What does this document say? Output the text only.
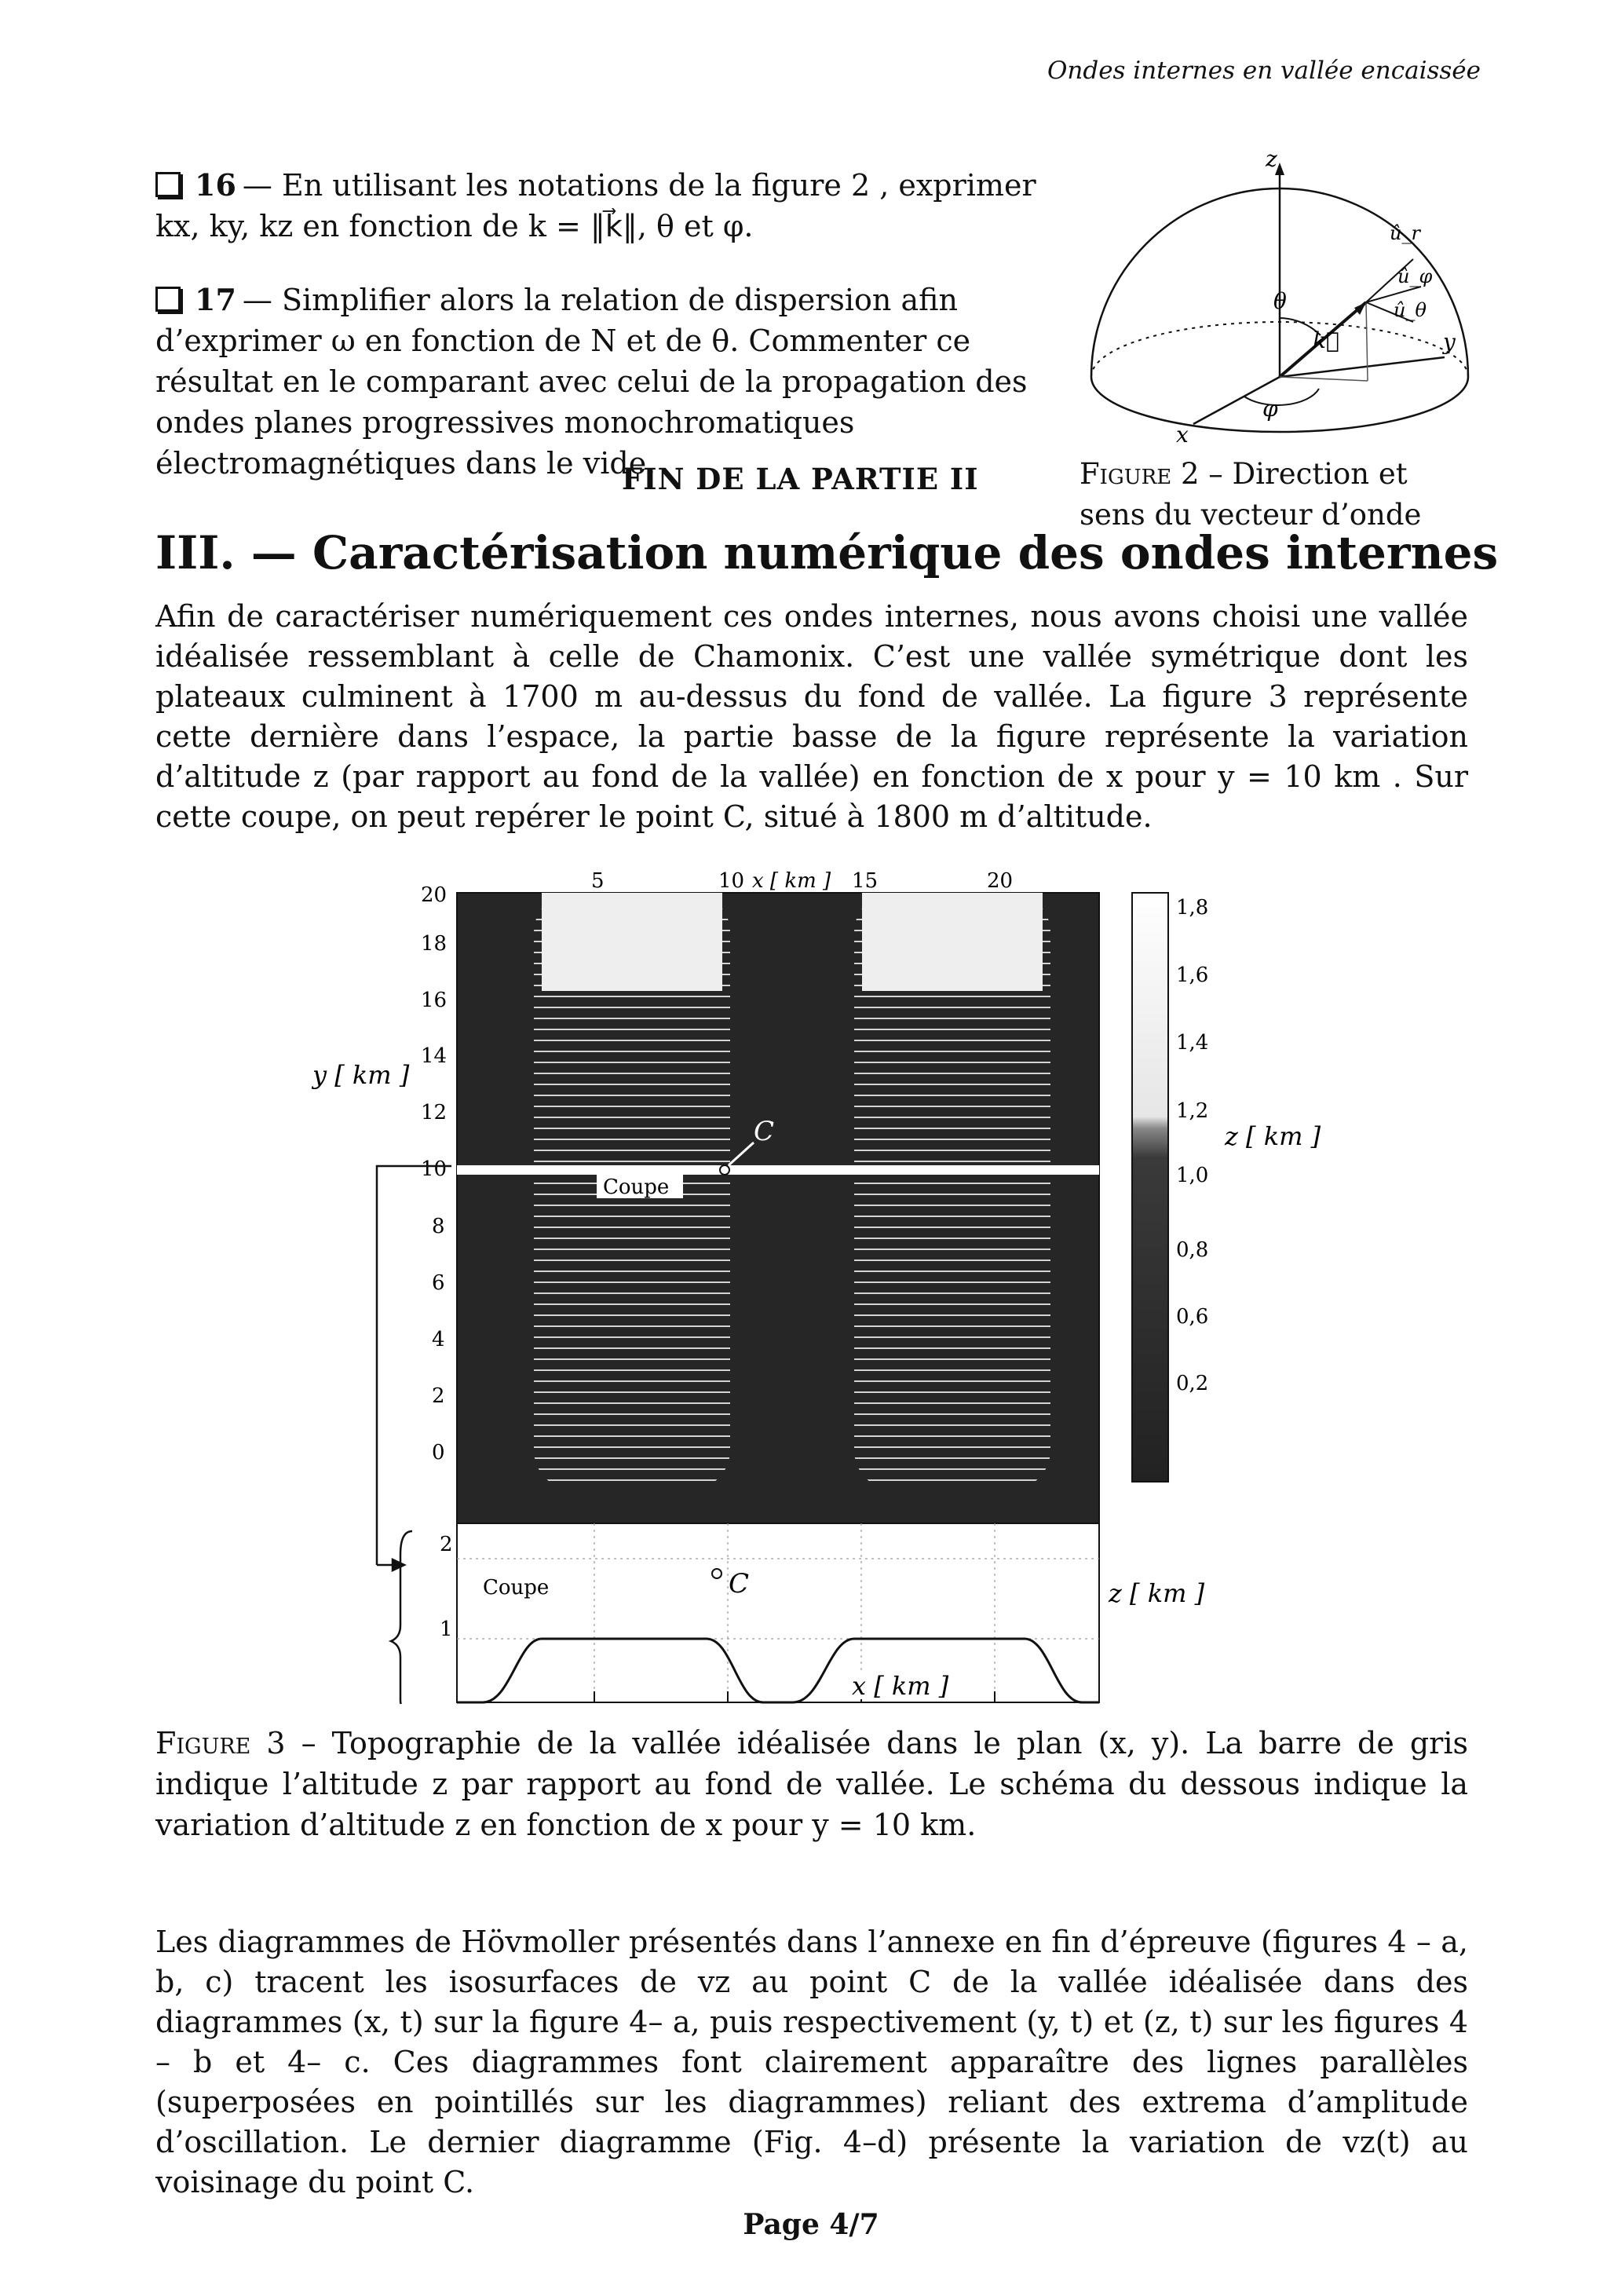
Ondes internes en vallée encaissée
16 — En utilisant les notations de la figure 2 , exprimer kx, ky, kz en fonction de k = ‖k⃗‖, θ et φ.
17 — Simplifier alors la relation de dispersion afin d’exprimer ω en fonction de N et de θ. Commenter ce résultat en le comparant avec celui de la propagation des ondes planes progressives monochromatiques électromagnétiques dans le vide.
FIN DE LA PARTIE II
z
y
x
θ
φ
k⃗
û_r
û_φ
û_θ
Figure 2 – Direction et sens du vecteur d’onde
III. — Caractérisation numérique des ondes internes
Afin de caractériser numériquement ces ondes internes, nous avons choisi une vallée idéalisée ressemblant à celle de Chamonix. C’est une vallée symétrique dont les plateaux culminent à 1700 m au-dessus du fond de vallée. La figure 3 représente cette dernière dans l’espace, la partie basse de la figure représente la variation d’altitude z (par rapport au fond de la vallée) en fonction de x pour y = 10 km . Sur cette coupe, on peut repérer le point C, situé à 1800 m d’altitude.
5	10	15	20
x [ km ]
20
18
16
14
12
10
8
6
4
2
0
y [ km ]
Coupe
C
1,8
1,6
1,4
1,2
1,0
0,8
0,6
0,2
z [ km ]
2
1
z [ km ]
Coupe	C
x [ km ]
Figure 3 – Topographie de la vallée idéalisée dans le plan (x, y). La barre de gris indique l’altitude z par rapport au fond de vallée. Le schéma du dessous indique la variation d’altitude z en fonction de x pour y = 10 km.
Les diagrammes de Hövmoller présentés dans l’annexe en fin d’épreuve (figures 4 – a, b, c) tracent les isosurfaces de vz au point C de la vallée idéalisée dans des diagrammes (x, t) sur la figure 4– a, puis respectivement (y, t) et (z, t) sur les figures 4 – b et 4– c. Ces diagrammes font clairement apparaître des lignes parallèles (superposées en pointillés sur les diagrammes) reliant des extrema d’amplitude d’oscillation. Le dernier diagramme (Fig. 4–d) présente la variation de vz(t) au voisinage du point C.
Page 4/7
